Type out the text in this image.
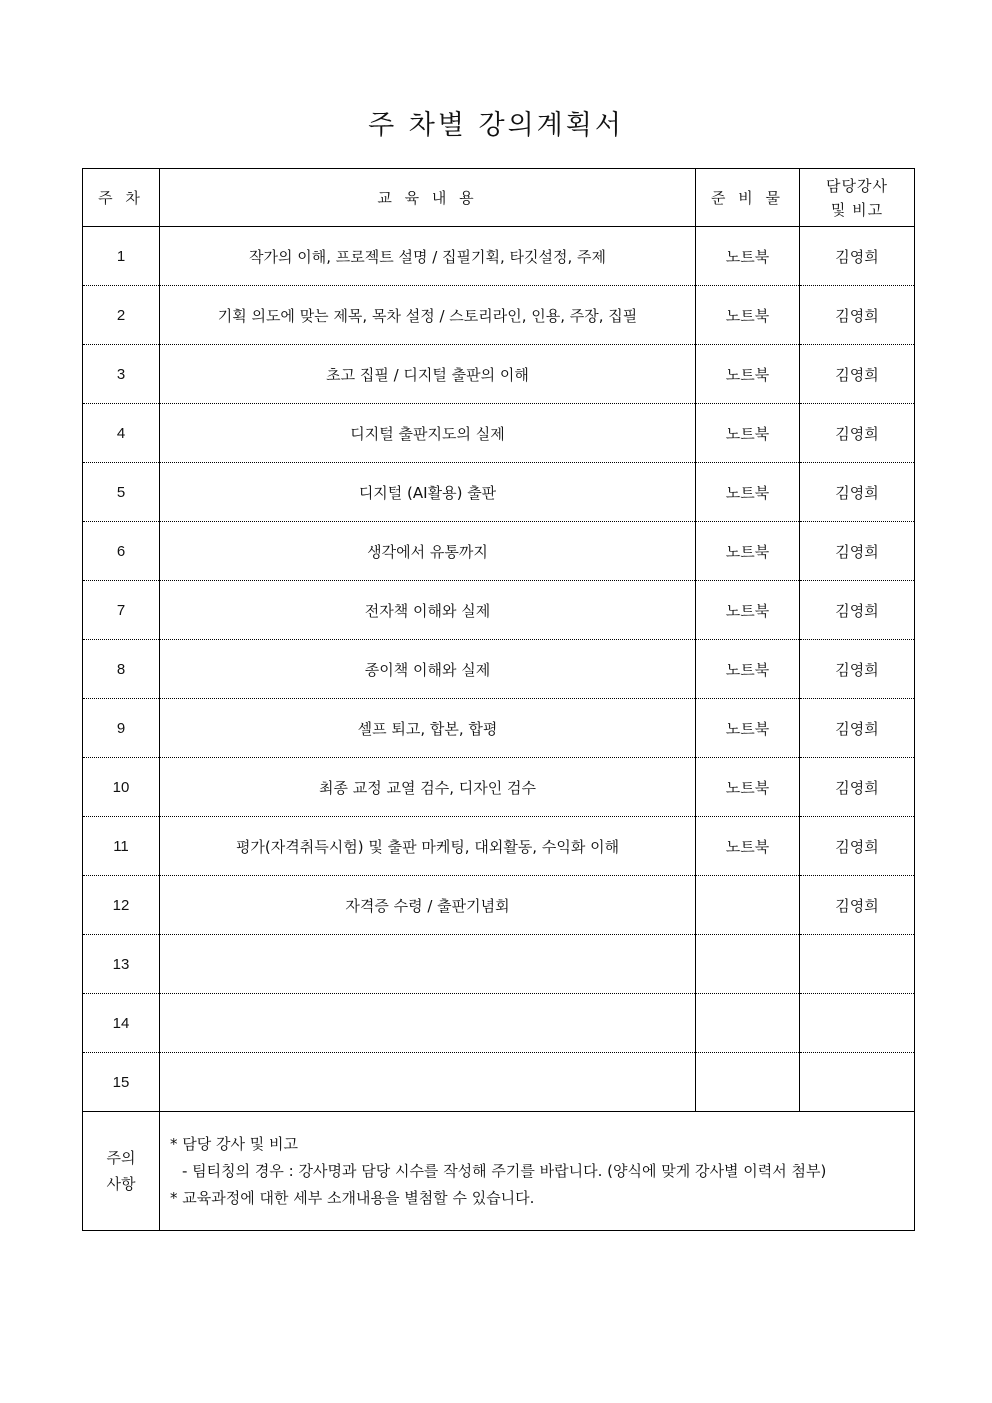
주 차별 강의계획서
주 차	교 육 내 용	준 비 물	담당강사
및 비고

1	작가의 이해, 프로젝트 설명 / 집필기획, 타깃설정, 주제	노트북	김영희
2	기획 의도에 맞는 제목, 목차 설정 / 스토리라인, 인용, 주장, 집필	노트북	김영희
3	초고 집필 / 디지털 출판의 이해	노트북	김영희
4	디지털 출판지도의 실제	노트북	김영희
5	디지털 (AI활용) 출판	노트북	김영희
6	생각에서 유통까지	노트북	김영희
7	전자책 이해와 실제	노트북	김영희
8	종이책 이해와 실제	노트북	김영희
9	셀프 퇴고, 합본, 합평	노트북	김영희
10	최종 교정 교열 검수, 디자인 검수	노트북	김영희
11	평가(자격취득시험) 및 출판 마케팅, 대외활동, 수익화 이해	노트북	김영희
12	자격증 수령 / 출판기념회		김영희
13			
14			
15			

주의
사항

* 담당 강사 및 비고
- 팀티칭의 경우 : 강사명과 담당 시수를 작성해 주기를 바랍니다. (양식에 맞게 강사별 이력서 첨부)
* 교육과정에 대한 세부 소개내용을 별첨할 수 있습니다.
